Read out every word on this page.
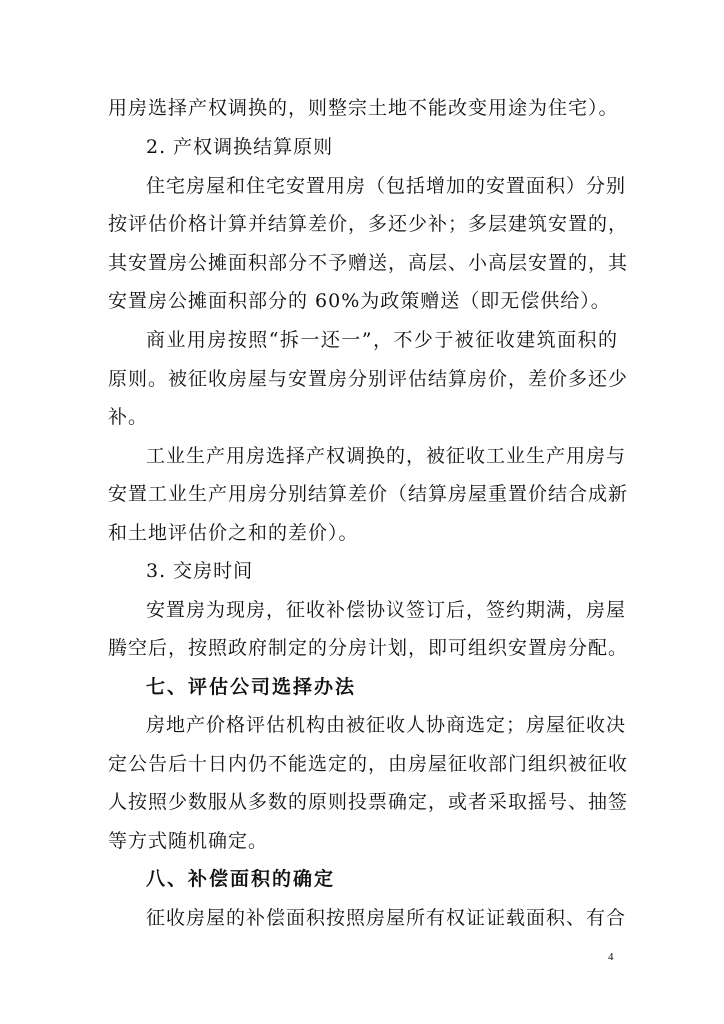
用房选择产权调换的，则整宗土地不能改变用途为住宅）。
2. 产权调换结算原则
住宅房屋和住宅安置用房（包括增加的安置面积）分别
按评估价格计算并结算差价，多还少补；多层建筑安置的，
其安置房公摊面积部分不予赠送，高层、小高层安置的，其
安置房公摊面积部分的 60%为政策赠送（即无偿供给）。
商业用房按照“拆一还一”，不少于被征收建筑面积的
原则。被征收房屋与安置房分别评估结算房价，差价多还少
补。
工业生产用房选择产权调换的，被征收工业生产用房与
安置工业生产用房分别结算差价（结算房屋重置价结合成新
和土地评估价之和的差价）。
3. 交房时间
安置房为现房，征收补偿协议签订后，签约期满，房屋
腾空后，按照政府制定的分房计划，即可组织安置房分配。
七、评估公司选择办法
房地产价格评估机构由被征收人协商选定；房屋征收决
定公告后十日内仍不能选定的，由房屋征收部门组织被征收
人按照少数服从多数的原则投票确定，或者采取摇号、抽签
等方式随机确定。
八、补偿面积的确定
征收房屋的补偿面积按照房屋所有权证证载面积、有合
4
